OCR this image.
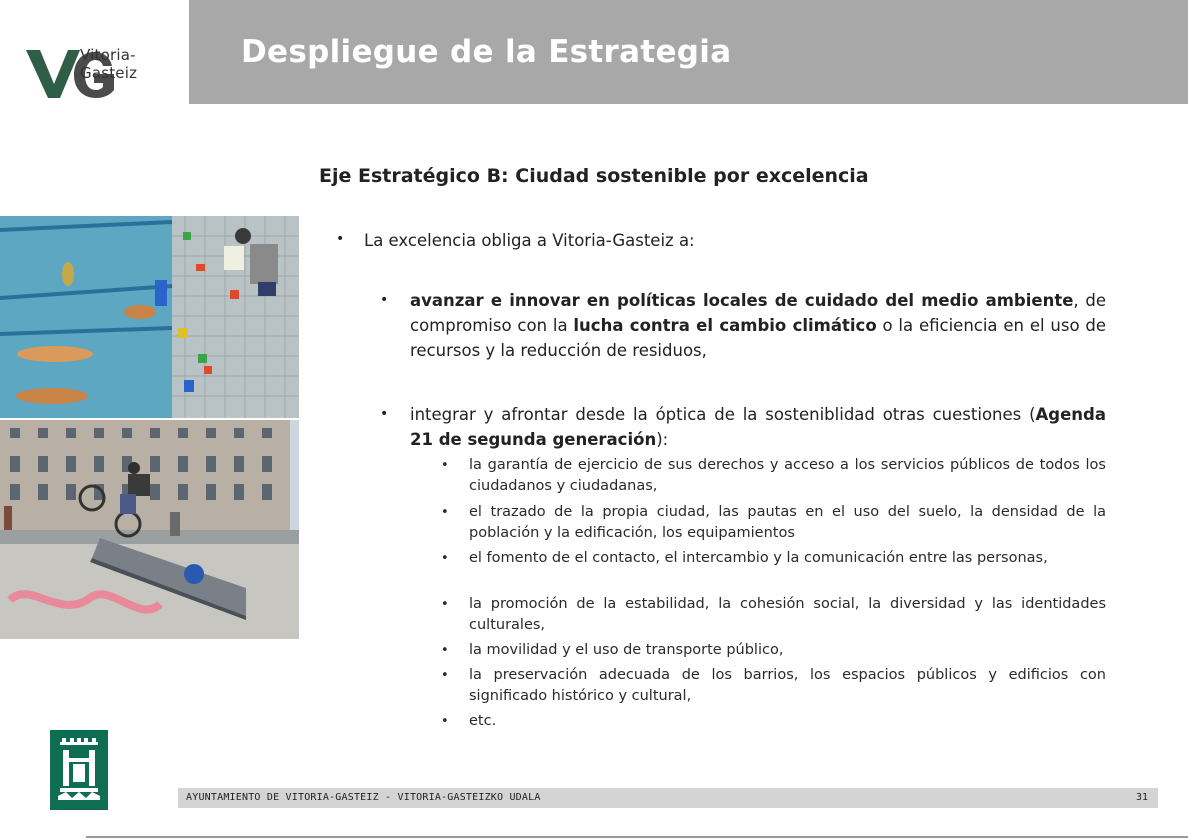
Vitoria-Gasteiz
Despliegue de la Estrategia
Eje Estratégico B: Ciudad sostenible por excelencia

• La excelencia obliga a Vitoria-Gasteiz a:

• avanzar e innovar en políticas locales de cuidado del medio ambiente, de compromiso con la lucha contra el cambio climático o la eficiencia en el uso de recursos y la reducción de residuos,

• integrar y afrontar desde la óptica de la sosteniblidad otras cuestiones (Agenda 21 de segunda generación):

• la garantía de ejercicio de sus derechos y acceso a los servicios públicos de todos los ciudadanos y ciudadanas,

• el trazado de la propia ciudad, las pautas en el uso del suelo, la densidad de la población y la edificación, los equipamientos

• el fomento de el contacto, el intercambio y la comunicación entre las personas,

• la promoción de la estabilidad, la cohesión social, la diversidad y las identidades culturales,

• la movilidad y el uso de transporte público,

• la preservación adecuada de los barrios, los espacios públicos y edificios con significado histórico y cultural,

• etc.

AYUNTAMIENTO DE VITORIA-GASTEIZ - VITORIA-GASTEIZKO UDALA	31
